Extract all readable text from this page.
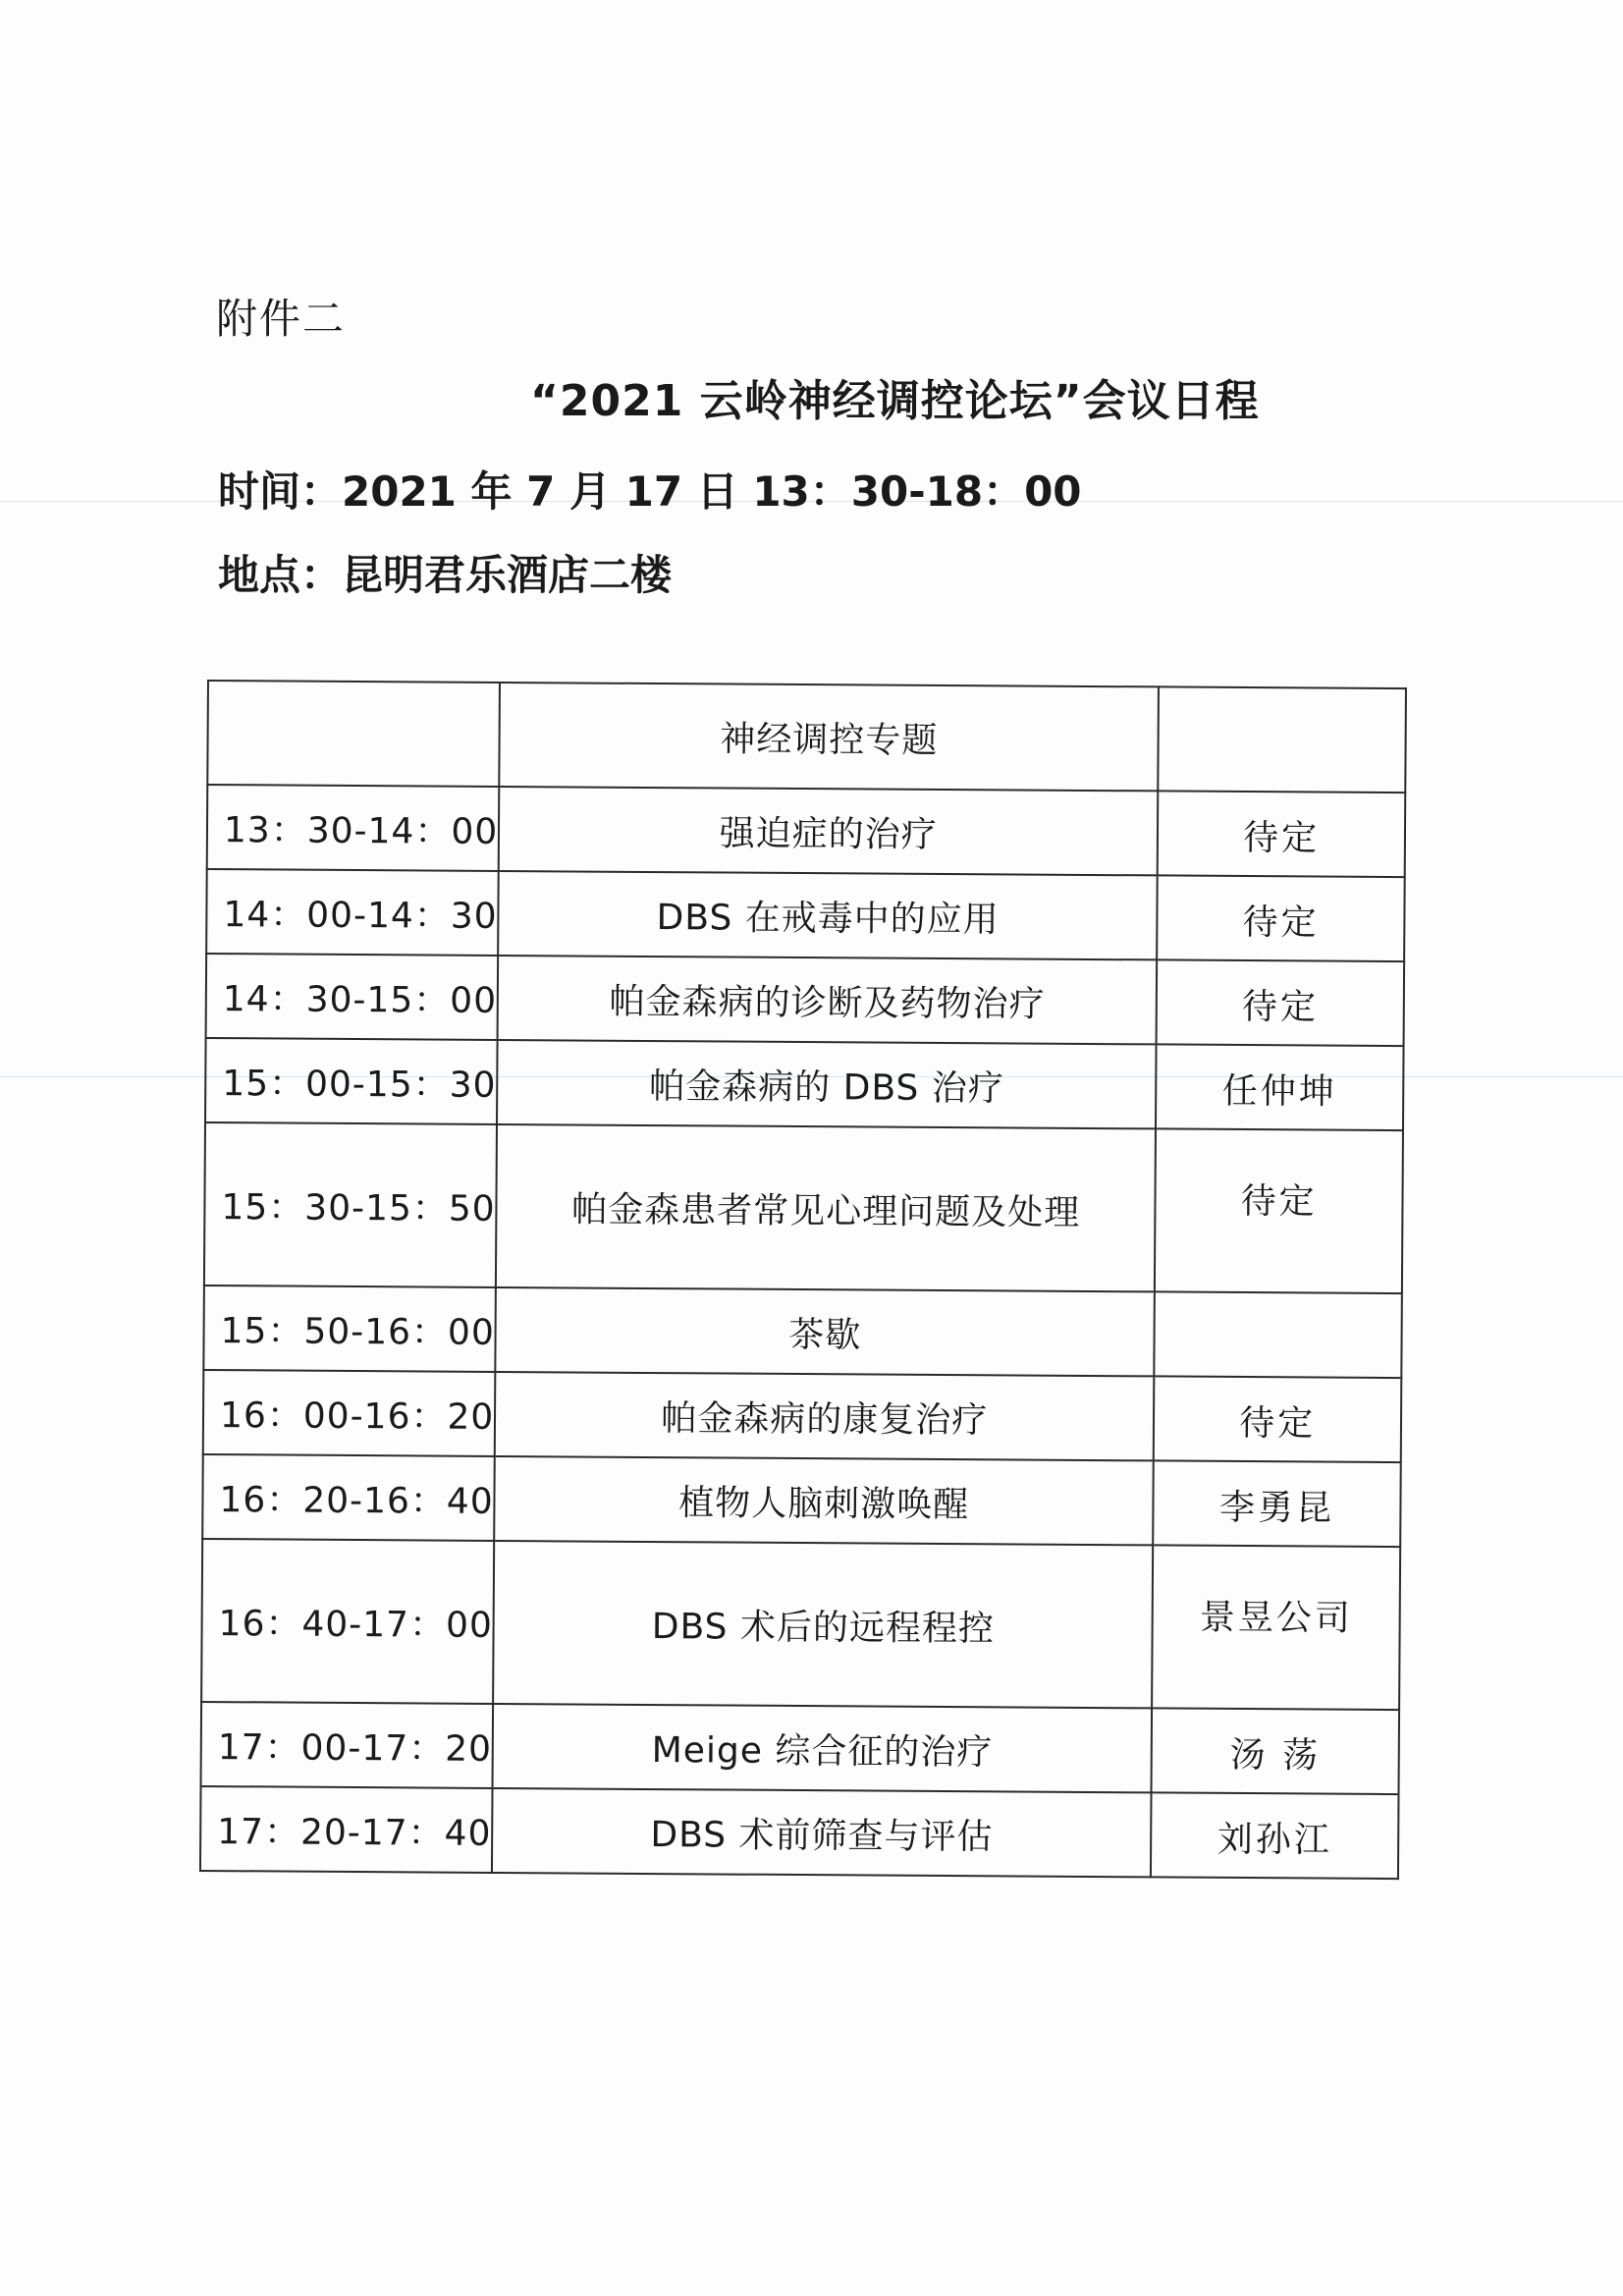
附件二
“2021 云岭神经调控论坛”会议日程
时间：2021 年 7 月 17 日 13：30-18：00
地点：昆明君乐酒店二楼
	神经调控专题	
13：30-14：00	强迫症的治疗	待定
14：00-14：30	DBS 在戒毒中的应用	待定
14：30-15：00	帕金森病的诊断及药物治疗	待定
15：00-15：30	帕金森病的 DBS 治疗	任仲坤
15：30-15：50	帕金森患者常见心理问题及处理	待定
15：50-16：00	茶歇	
16：00-16：20	帕金森病的康复治疗	待定
16：20-16：40	植物人脑刺激唤醒	李勇昆
16：40-17：00	DBS 术后的远程程控	景昱公司
17：00-17：20	Meige 综合征的治疗	汤 荡
17：20-17：40	DBS 术前筛查与评估	刘孙江
